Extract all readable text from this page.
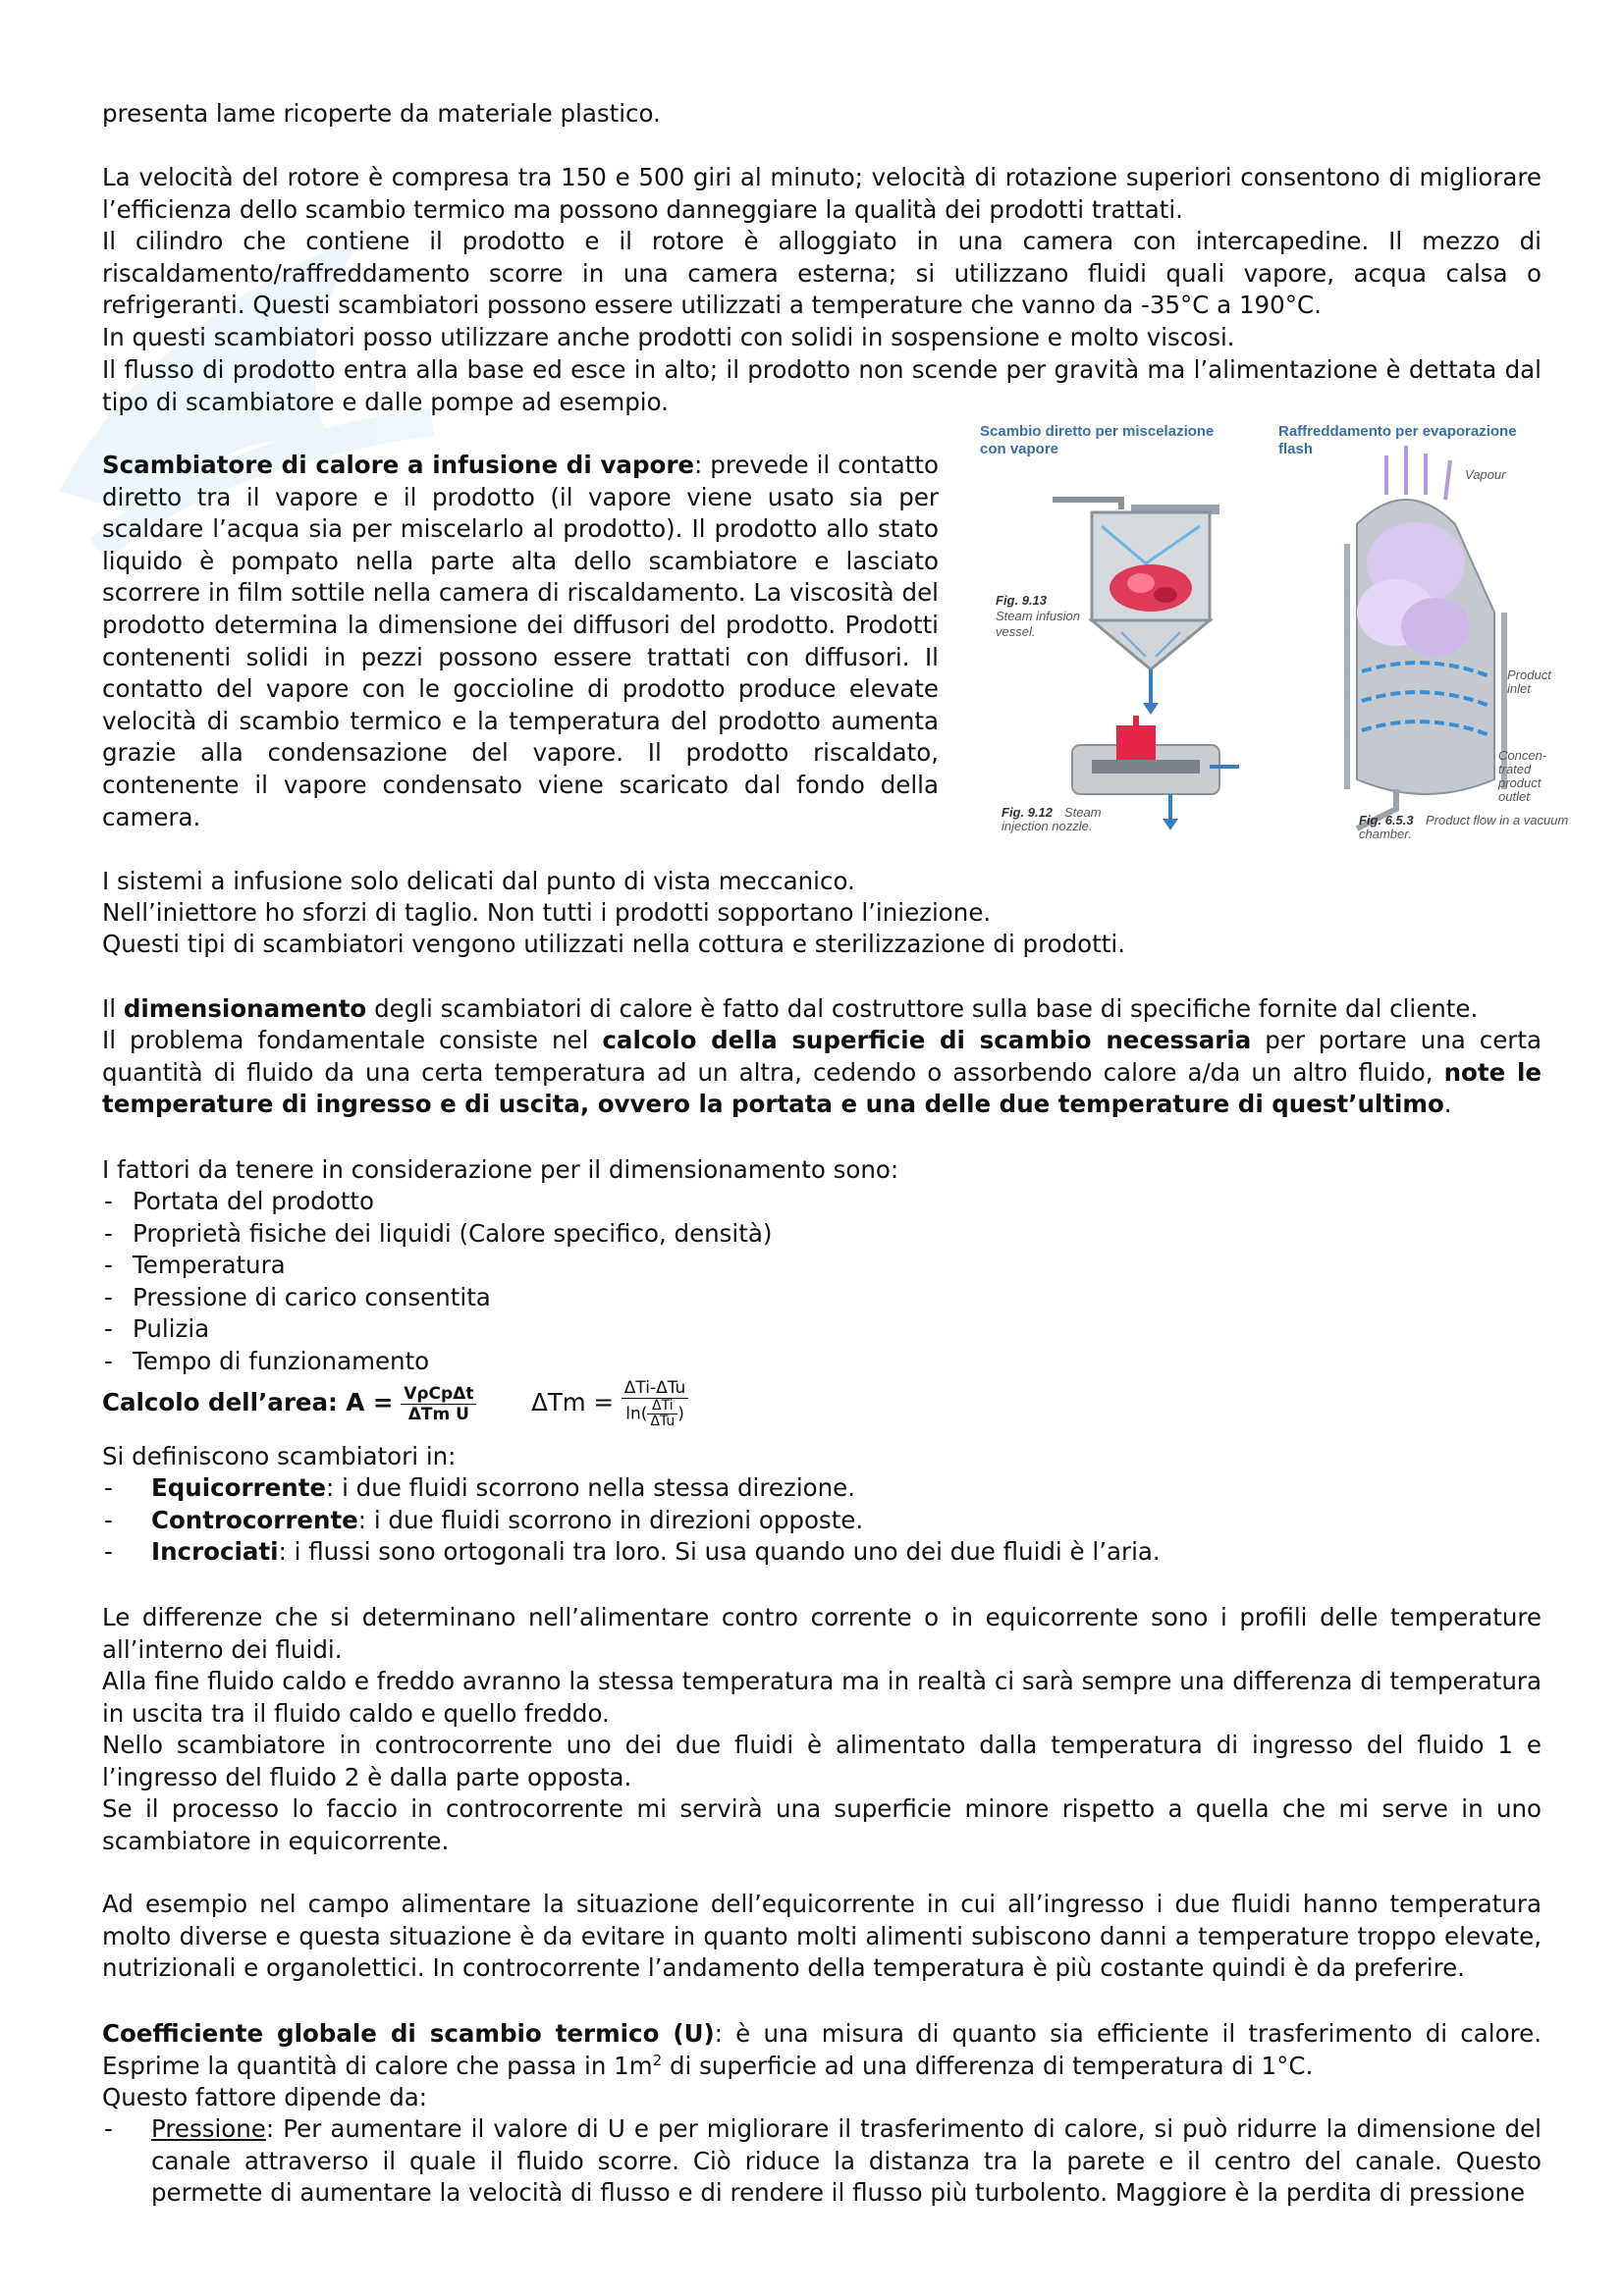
presenta lame ricoperte da materiale plastico.

La velocità del rotore è compresa tra 150 e 500 giri al minuto; velocità di rotazione superiori consentono di migliorare l’efficienza dello scambio termico ma possono danneggiare la qualità dei prodotti trattati.

Il cilindro che contiene il prodotto e il rotore è alloggiato in una camera con intercapedine. Il mezzo di riscaldamento/raffreddamento scorre in una camera esterna; si utilizzano fluidi quali vapore, acqua calsa o refrigeranti. Questi scambiatori possono essere utilizzati a temperature che vanno da -35°C a 190°C.

In questi scambiatori posso utilizzare anche prodotti con solidi in sospensione e molto viscosi.

Il flusso di prodotto entra alla base ed esce in alto; il prodotto non scende per gravità ma l’alimentazione è dettata dal tipo di scambiatore e dalle pompe ad esempio.

Scambiatore di calore a infusione di vapore: prevede il contatto diretto tra il vapore e il prodotto (il vapore viene usato sia per scaldare l’acqua sia per miscelarlo al prodotto). Il prodotto allo stato liquido è pompato nella parte alta dello scambiatore e lasciato scorrere in film sottile nella camera di riscaldamento. La viscosità del prodotto determina la dimensione dei diffusori del prodotto. Prodotti contenenti solidi in pezzi possono essere trattati con diffusori. Il contatto del vapore con le goccioline di prodotto produce elevate velocità di scambio termico e la temperatura del prodotto aumenta grazie alla condensazione del vapore. Il prodotto riscaldato, contenente il vapore condensato viene scaricato dal fondo della camera.

Scambio diretto per miscelazione
con vapore
Raffreddamento per evaporazione
flash
Fig. 9.13
Steam infusion
vessel.
Fig. 9.12 Steam
injection nozzle.
Vapour
Product
inlet
Concen-
trated
product
outlet
Fig. 6.5.3 Product flow in a vacuum
chamber.

I sistemi a infusione solo delicati dal punto di vista meccanico.

Nell’iniettore ho sforzi di taglio. Non tutti i prodotti sopportano l’iniezione.

Questi tipi di scambiatori vengono utilizzati nella cottura e sterilizzazione di prodotti.

Il dimensionamento degli scambiatori di calore è fatto dal costruttore sulla base di specifiche fornite dal cliente.

Il problema fondamentale consiste nel calcolo della superficie di scambio necessaria per portare una certa quantità di fluido da una certa temperatura ad un altra, cedendo o assorbendo calore a/da un altro fluido, note le temperature di ingresso e di uscita, ovvero la portata e una delle due temperature di quest’ultimo.

I fattori da tenere in considerazione per il dimensionamento sono:

- Portata del prodotto
- Proprietà fisiche dei liquidi (Calore specifico, densità)
- Temperatura
- Pressione di carico consentita
- Pulizia
- Tempo di funzionamento
Calcolo dell’area: $A = \frac{\text{VρCpΔt}}{\text{ΔTm U}}$ $\Delta Tm = \frac{\text{ΔTi-ΔTu}}{\ln( \frac{\text{ΔTi}}{\text{ΔTu}} )}$

Si definiscono scambiatori in:

- Equicorrente: i due fluidi scorrono nella stessa direzione.
- Controcorrente: i due fluidi scorrono in direzioni opposte.
- Incrociati: i flussi sono ortogonali tra loro. Si usa quando uno dei due fluidi è l’aria.

Le differenze che si determinano nell’alimentare contro corrente o in equicorrente sono i profili delle temperature all’interno dei fluidi.

Alla fine fluido caldo e freddo avranno la stessa temperatura ma in realtà ci sarà sempre una differenza di temperatura in uscita tra il fluido caldo e quello freddo.

Nello scambiatore in controcorrente uno dei due fluidi è alimentato dalla temperatura di ingresso del fluido 1 e l’ingresso del fluido 2 è dalla parte opposta.

Se il processo lo faccio in controcorrente mi servirà una superficie minore rispetto a quella che mi serve in uno scambiatore in equicorrente.

Ad esempio nel campo alimentare la situazione dell’equicorrente in cui all’ingresso i due fluidi hanno temperatura molto diverse e questa situazione è da evitare in quanto molti alimenti subiscono danni a temperature troppo elevate, nutrizionali e organolettici. In controcorrente l’andamento della temperatura è più costante quindi è da preferire.

Coefficiente globale di scambio termico (U): è una misura di quanto sia efficiente il trasferimento di calore. Esprime la quantità di calore che passa in $1m^2$ di superficie ad una differenza di temperatura di 1°C.

Questo fattore dipende da:

- Pressione: Per aumentare il valore di U e per migliorare il trasferimento di calore, si può ridurre la dimensione del canale attraverso il quale il fluido scorre. Ciò riduce la distanza tra la parete e il centro del canale. Questo permette di aumentare la velocità di flusso e di rendere il flusso più turbolento. Maggiore è la perdita di pressione
